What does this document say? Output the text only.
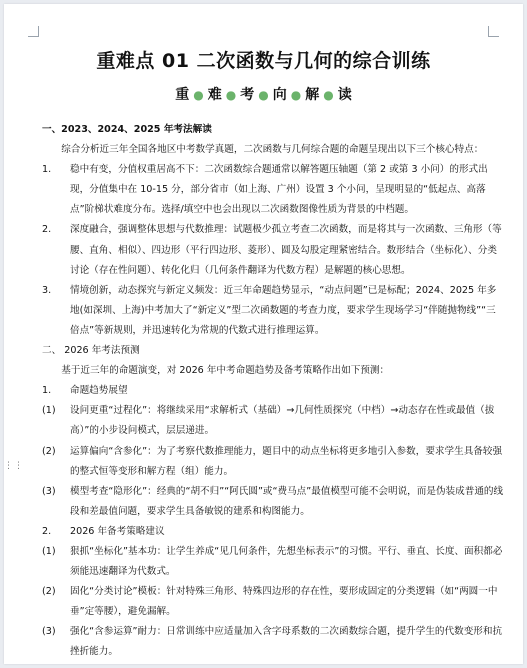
重难点 01 二次函数与几何的综合训练
重 ● 难 ● 考 ● 向 ● 解 ● 读

一、2023、2024、2025 年考法解读

综合分析近三年全国各地区中考数学真题，二次函数与几何综合题的命题呈现出以下三个核心特点：

1.	稳中有变，分值权重居高不下：二次函数综合题通常以解答题压轴题（第 2 或第 3 小问）的形式出现，分值集中在 10-15 分，部分省市（如上海、广州）设置 3 个小问，呈现明显的“低起点、高落点”阶梯状难度分布。选择/填空中也会出现以二次函数图像性质为背景的中档题。
2.	深度融合，强调整体思想与代数推理：试题极少孤立考查二次函数，而是将其与一次函数、三角形（等腰、直角、相似）、四边形（平行四边形、菱形）、圆及勾股定理紧密结合。数形结合（坐标化）、分类讨论（存在性问题）、转化化归（几何条件翻译为代数方程）是解题的核心思想。
3.	情境创新，动态探究与新定义频发：近三年命题趋势显示，“动点问题”已是标配；2024、2025 年多地(如深圳、上海)中考加大了“新定义”型二次函数题的考查力度，要求学生现场学习“伴随抛物线”“三倍点”等新规则，并迅速转化为常规的代数式进行推理运算。

二、 2026 年考法预测

基于近三年的命题演变，对 2026 年中考命题趋势及备考策略作出如下预测：

1.	命题趋势展望
(1)	设问更重“过程化”：将继续采用“求解析式（基础）→几何性质探究（中档）→动态存在性或最值（拔高）”的小步设问模式，层层递进。
(2)	运算偏向“含参化”：为了考察代数推理能力，题目中的动点坐标将更多地引入参数，要求学生具备较强的整式恒等变形和解方程（组）能力。
(3)	模型考查“隐形化”：经典的“胡不归”“阿氏圆”或“费马点”最值模型可能不会明说，而是伪装成普通的线段和差最值问题，要求学生具备敏锐的建系和构图能力。
2.	2026 年备考策略建议
(1)	狠抓“坐标化”基本功：让学生养成“见几何条件，先想坐标表示”的习惯。平行、垂直、长度、面积都必须能迅速翻译为代数式。
(2)	固化“分类讨论”模板：针对特殊三角形、特殊四边形的存在性，要形成固定的分类逻辑（如“两圆一中垂”定等腰），避免漏解。
(3)	强化“含参运算”耐力：日常训练中应适量加入含字母系数的二次函数综合题，提升学生的代数变形和抗挫折能力。
⋮⋮
